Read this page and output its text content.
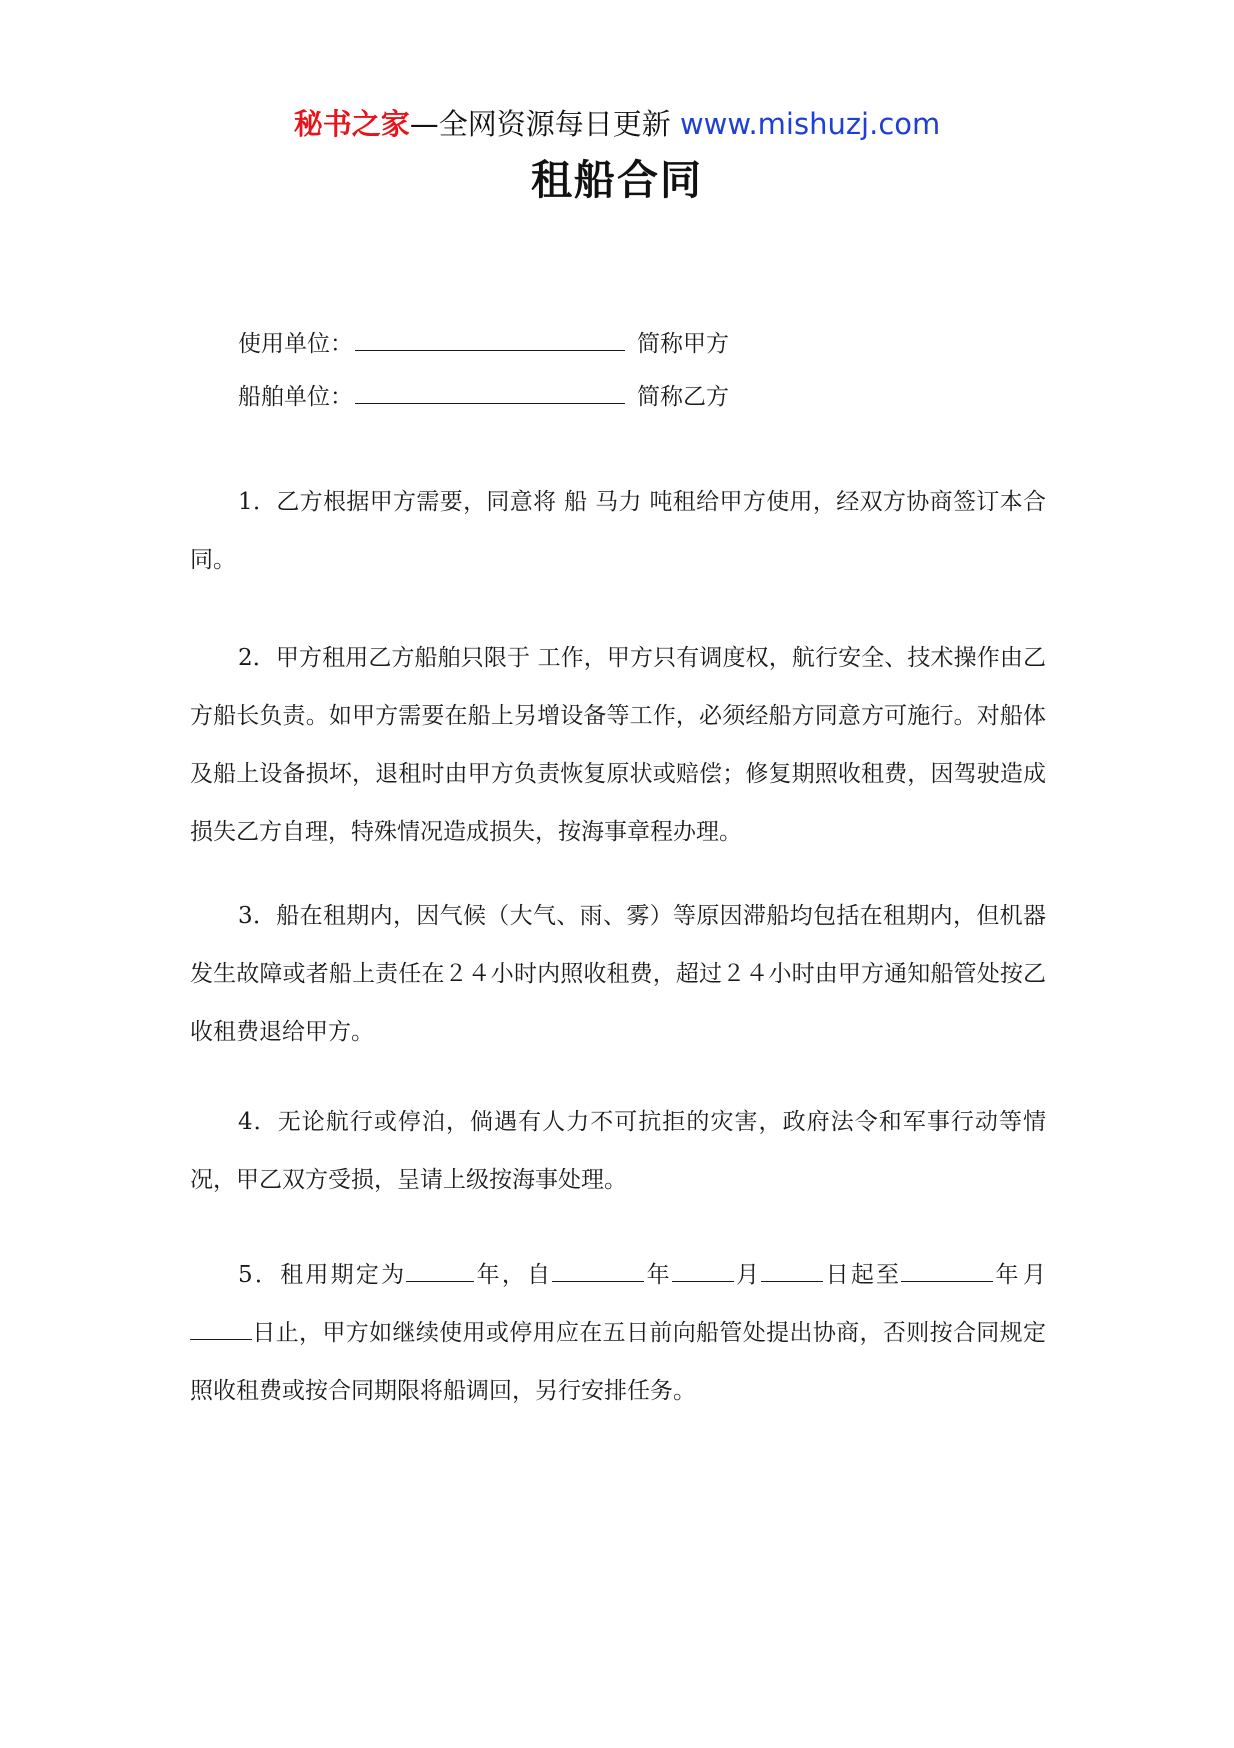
秘书之家—全网资源每日更新 www.mishuzj.com
租船合同
使用单位：	简称甲方
船舶单位：	简称乙方

1．乙方根据甲方需要，同意将 船 马力 吨租给甲方使用，经双方协商签订本合同。

2．甲方租用乙方船舶只限于 工作，甲方只有调度权，航行安全、技术操作由乙方船长负责。如甲方需要在船上另增设备等工作，必须经船方同意方可施行。对船体及船上设备损坏，退租时由甲方负责恢复原状或赔偿；修复期照收租费，因驾驶造成损失乙方自理，特殊情况造成损失，按海事章程办理。

3．船在租期内，因气候（大气、雨、雾）等原因滞船均包括在租期内，但机器发生故障或者船上责任在２４小时内照收租费，超过２４小时由甲方通知船管处按乙收租费退给甲方。

4．无论航行或停泊，倘遇有人力不可抗拒的灾害，政府法令和军事行动等情况，甲乙双方受损，呈请上级按海事处理。

5．租用期定为	年，自	年	月	日起至	年月日止，甲方如继续使用或停用应在五日前向船管处提出协商，否则按合同规定照收租费或按合同期限将船调回，另行安排任务。
